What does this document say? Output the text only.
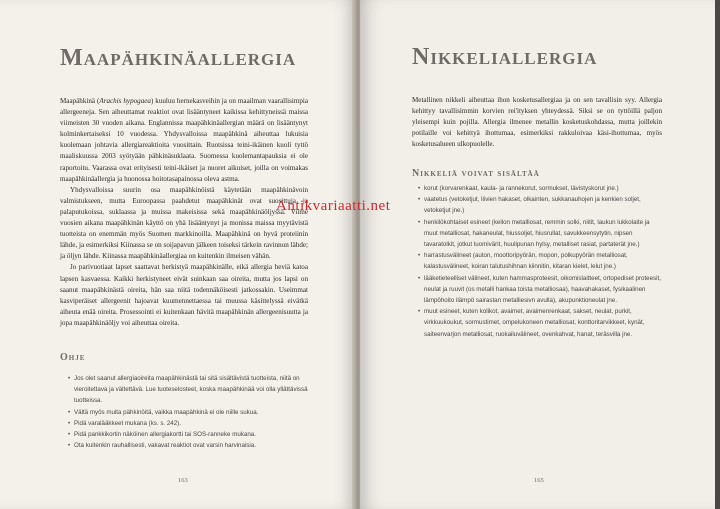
Maapähkinäallergia

Maapähkinä (Arachis hypogaea) kuuluu hernekasveihin ja on maailman vaarallisimpia allergeeneja. Sen aiheuttamat reaktiot ovat lisääntyneet kaikissa kehittyneissä maissa viimeisten 30 vuoden aikana. Englannissa maapähkinäallergian määrä on lisääntynyt kolminkertaiseksi 10 vuodessa. Yhdysvalloissa maapähkinä aiheuttaa lukuisia kuolemaan johtavia allergiareaktioita vuosittain. Ruotsissa teini-ikäinen kuoli tyttö maaliskuussa 2003 syötyään pähkinäsuklaata. Suomessa kuolemantapauksia ei ole raportoitu. Vaarassa ovat erityisesti teini-ikäiset ja nuoret aikuiset, joilla on voimakas maapähkinäallergia ja huonossa hoitotasapainossa oleva astma.

Yhdysvalloissa suurin osa maapähkinöistä käytetään maapähkinävoin valmistukseen, mutta Euroopassa paahdetut maapähkinät ovat suosittuja ja palaputukoissa, suklaassa ja muissa makeisissa sekä maapähkinäöljyssä. Viime vuosien aikana maapähkinän käyttö on yhä lisääntynyt ja monissa maissa myytävistä tuotteista on enemmän myös Suomen markkinoilla. Maapähkinä on hyvä proteiinin lähde, ja esimerkiksi Kiinassa se on soijapavun jälkeen toiseksi tärkein ravinnon lähde; ja öljyn lähde. Kiinassa maapähkinäallergiaa on kuitenkin ilmeisen vähän.

Jo parivuotiaat lapset saattavat herkistyä maapähkinälle, eikä allergia heviä katoa lapsen kasvaessa. Kaikki herkistyneet eivät suinkaan saa oireita, mutta jos lapsi on saanut maapähkinästä oireita, hän saa niitä todennäköisesti jatkossakin. Useimmat kasviperäiset allergeenit hajoavat kuumennettaessa tai muussa käsittelyssä eivätkä aiheuta enää oireita. Prosessointi ei kuitenkaan hävitä maapähkinän allergeenisuutta ja jopa maapähkinäöljy voi aiheuttaa oireita.

Ohje
• Jos olet saanut allergiaoireita maapähkinästä tai sitä sisältävistä tuotteista, niitä on vieroitettava ja vältettävä. Lue tuoteselosteet, koska maapähkinää voi olla yllättävissä tuotteissa.
• Vältä myös muita pähkinöitä, vaikka maapähkinä ei ole niille sukua.
• Pidä varalääkkeet mukana (ks. s. 242).
• Pidä pankkikortin näköinen allergiakortti tai SOS-ranneke mukana.
• Ota kuitenkin rauhallisesti, vakavat reaktiot ovat varsin harvinaisia.
163
Nikkeliallergia

Metallinen nikkeli aiheuttaa ihon kosketusallergiaa ja on sen tavallisin syy. Allergia kehittyy tavallisimmin korvien rei'ityksen yhteydessä. Siksi se on tyttöillä paljon yleisempi kuin pojilla. Allergia ilmenee metallin kosketuskohdassa, mutta joillekin potilaille voi kehittyä ihottumaa, esimerkiksi rakkuloivaa käsi-ihottumaa, myös kosketusalueen ulkopuolelle.

Nikkeliä voivat sisältää
• korut (korvarenkaat, kaula- ja rannekorut, sormukset, lävistyskorut jne.)
• vaatetus (vetoketjut, liivien hakaset, olkainten, sukkanauhojen ja kenkien soljet, vetoketjut jne.)
• henkilökohtaiset esineet (kellon metalliosat, remmin solki, niitit, laukun lukkolaite ja muut metalliosat, hakaneulat, hiussoljet, hiusrullat, savukkeensytytin, nipsen tavaratolkit, jotkut luomivärit, huulipunan hylsy, metalliset rasiat, partaterät jne.)
• harrastusvälineet (auton, moottoripyörän, mopon, polkupyörän metalliosat, kalastusvälineet, koiran talutushihnan kiinnitin, kitaran kielet, lelut jne.)
• lääketieteelliset välineet, kuten hammasproteesit, oikomislaitteet, ortopediset proteesit, neulat ja ruuvit (os metalli hankaa toista metalliosaa), haavahakaset, fysikaalinen lämpöhoito ilämpö sairastan metalliesivn avulla), akupunktioneulat jne.
• muut esineet, kuten kolikot, avaimet, avaimenrenkaat, sakset, neulat, purkit, virkkuukoukut, sormustimet, ompelukoneen metalliosat, konttoritarvikkeet, kynät, saiteenvarjon metalliosat, ruokailuvälineet, ovenkahvat, hanat, teräsvilla jne.
165
Antikvariaatti.net
